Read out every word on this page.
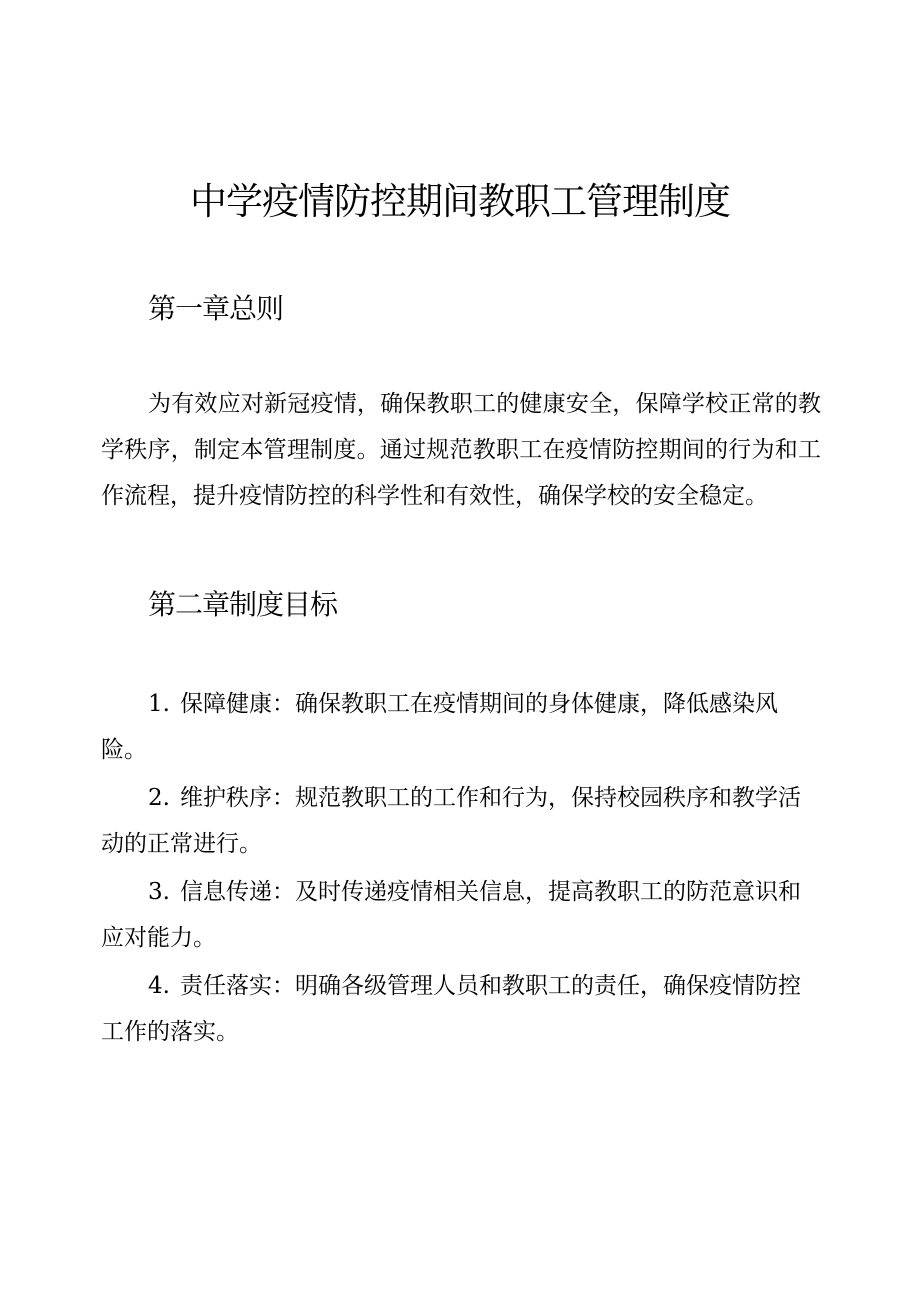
中学疫情防控期间教职工管理制度
第一章总则

为有效应对新冠疫情，确保教职工的健康安全，保障学校正常的教学秩序，制定本管理制度。通过规范教职工在疫情防控期间的行为和工作流程，提升疫情防控的科学性和有效性，确保学校的安全稳定。

第二章制度目标
1. 保障健康：确保教职工在疫情期间的身体健康，降低感染风险。
2. 维护秩序：规范教职工的工作和行为，保持校园秩序和教学活动的正常进行。
3. 信息传递：及时传递疫情相关信息，提高教职工的防范意识和应对能力。
4. 责任落实：明确各级管理人员和教职工的责任，确保疫情防控工作的落实。
